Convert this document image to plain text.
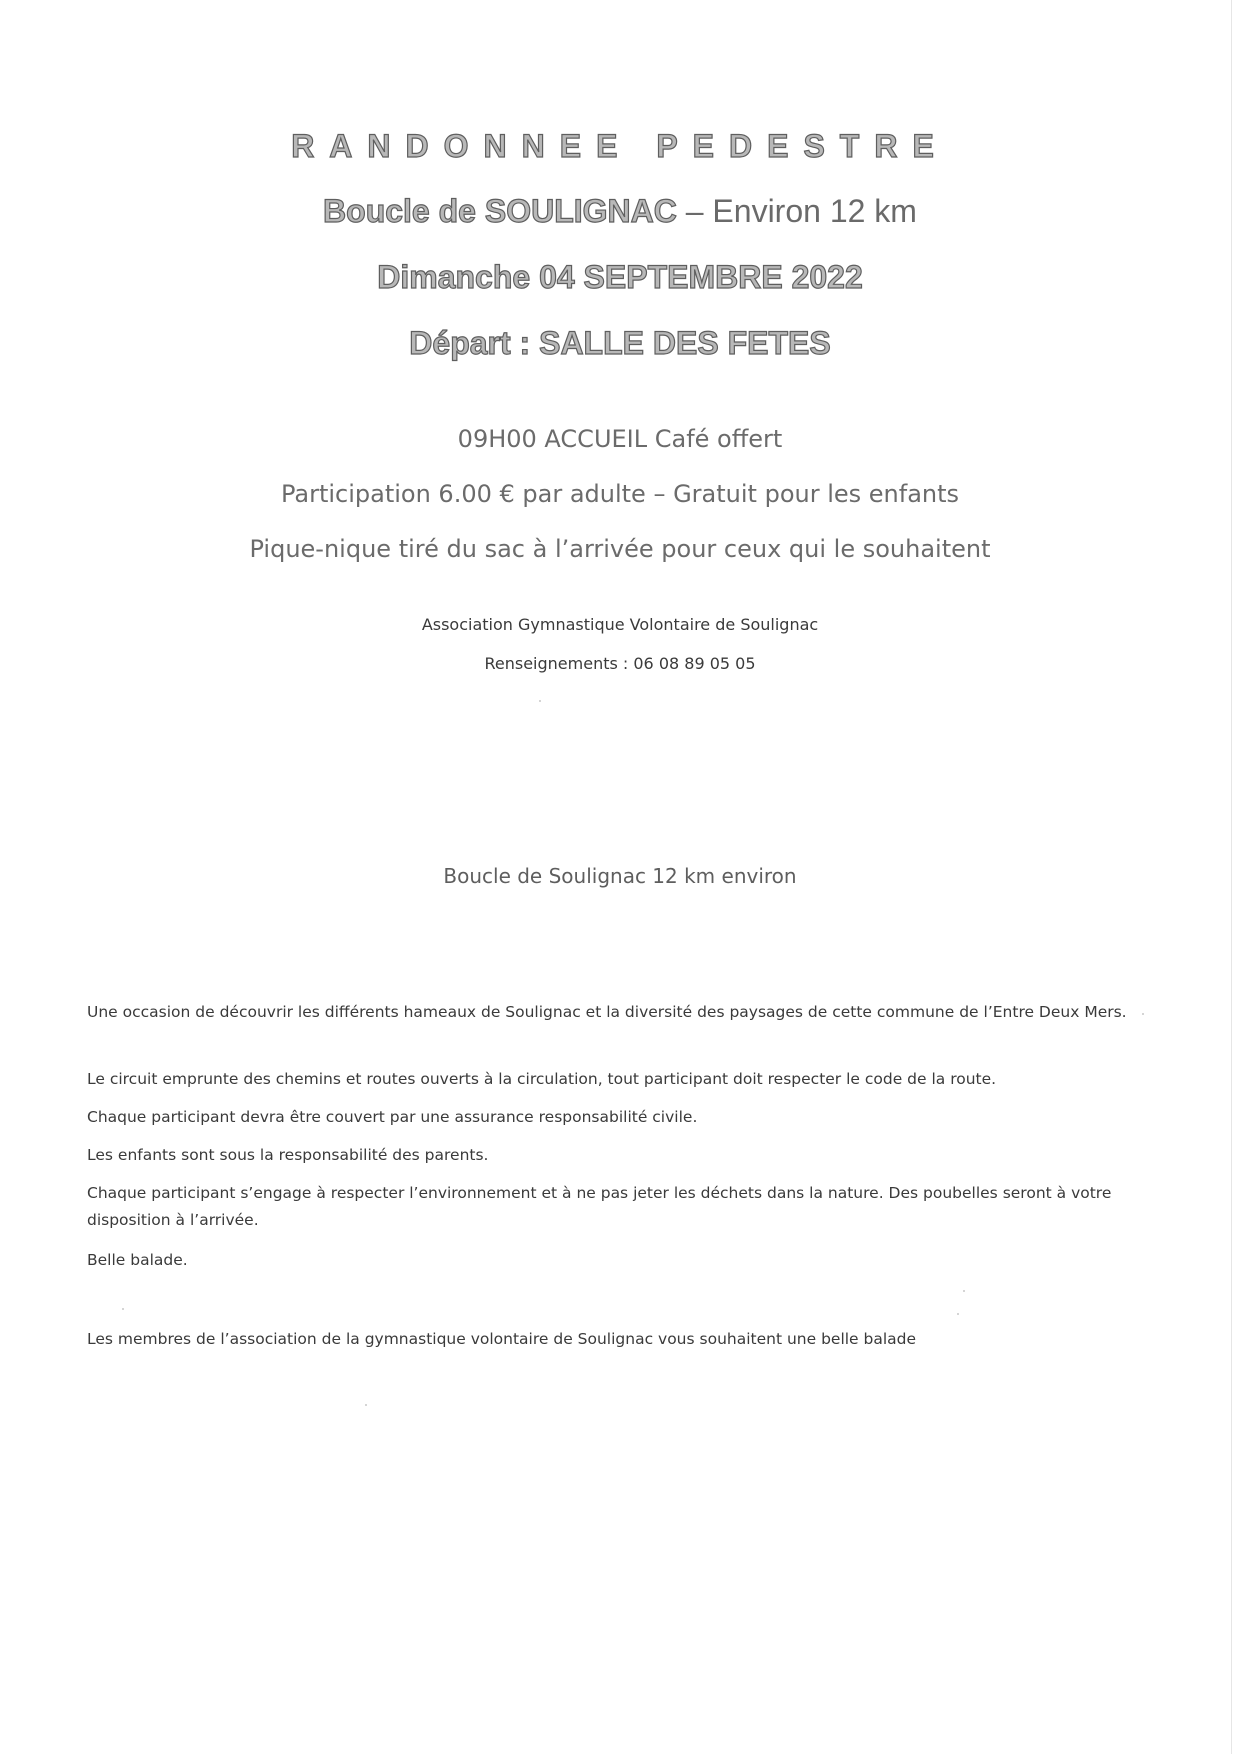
RANDONNEE PEDESTRE
Boucle de SOULIGNAC – Environ 12 km
Dimanche 04 SEPTEMBRE 2022
Départ : SALLE DES FETES
09H00 ACCUEIL Café offert
Participation 6.00 € par adulte – Gratuit pour les enfants
Pique-nique tiré du sac à l’arrivée pour ceux qui le souhaitent
Association Gymnastique Volontaire de Soulignac
Renseignements : 06 08 89 05 05
Boucle de Soulignac 12 km environ
Une occasion de découvrir les différents hameaux de Soulignac et la diversité des paysages de cette commune de l’Entre Deux Mers.
Le circuit emprunte des chemins et routes ouverts à la circulation, tout participant doit respecter le code de la route.
Chaque participant devra être couvert par une assurance responsabilité civile.
Les enfants sont sous la responsabilité des parents.
Chaque participant s’engage à respecter l’environnement et à ne pas jeter les déchets dans la nature. Des poubelles seront à votre disposition à l’arrivée.
Belle balade.
Les membres de l’association de la gymnastique volontaire de Soulignac vous souhaitent une belle balade
